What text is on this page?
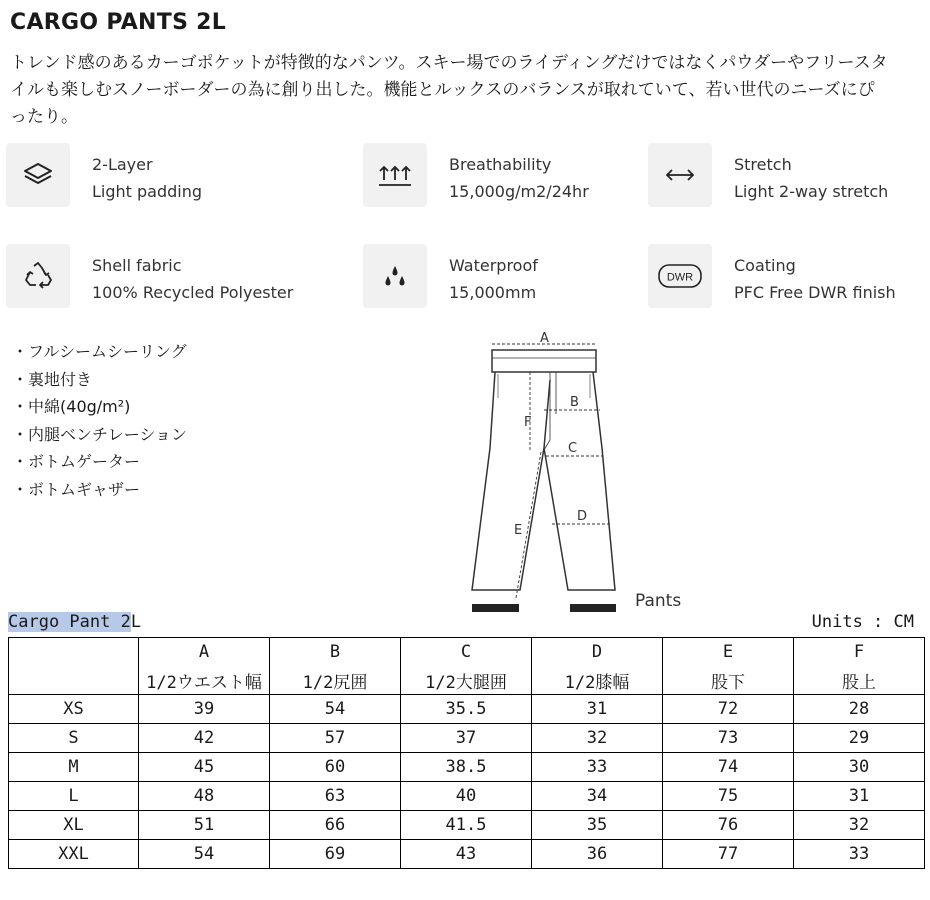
CARGO PANTS 2L
トレンド感のあるカーゴポケットが特徴的なパンツ。スキー場でのライディングだけではなくパウダーやフリースタイルも楽しむスノーボーダーの為に創り出した。機能とルックスのバランスが取れていて、若い世代のニーズにぴったり。
2-Layer
Light padding
Breathability
15,000g/m2/24hr
Stretch
Light 2-way stretch
Shell fabric
100% Recycled Polyester
Waterproof
15,000mm
DWR
Coating
PFC Free DWR finish
・ フルシームシーリング
・ 裏地付き
・ 中綿(40g/m²)
・ 内腿ベンチレーション
・ ボトムゲーター
・ ボトムギャザー
A
B
F
C
E
D
Pants
Cargo Pant 2L	Units : CM
	A	B	C	D	E	F
	1/2ウエスト幅	1/2尻囲	1/2大腿囲	1/2膝幅	股下	股上
XS	39	54	35.5	31	72	28
S	42	57	37	32	73	29
M	45	60	38.5	33	74	30
L	48	63	40	34	75	31
XL	51	66	41.5	35	76	32
XXL	54	69	43	36	77	33
